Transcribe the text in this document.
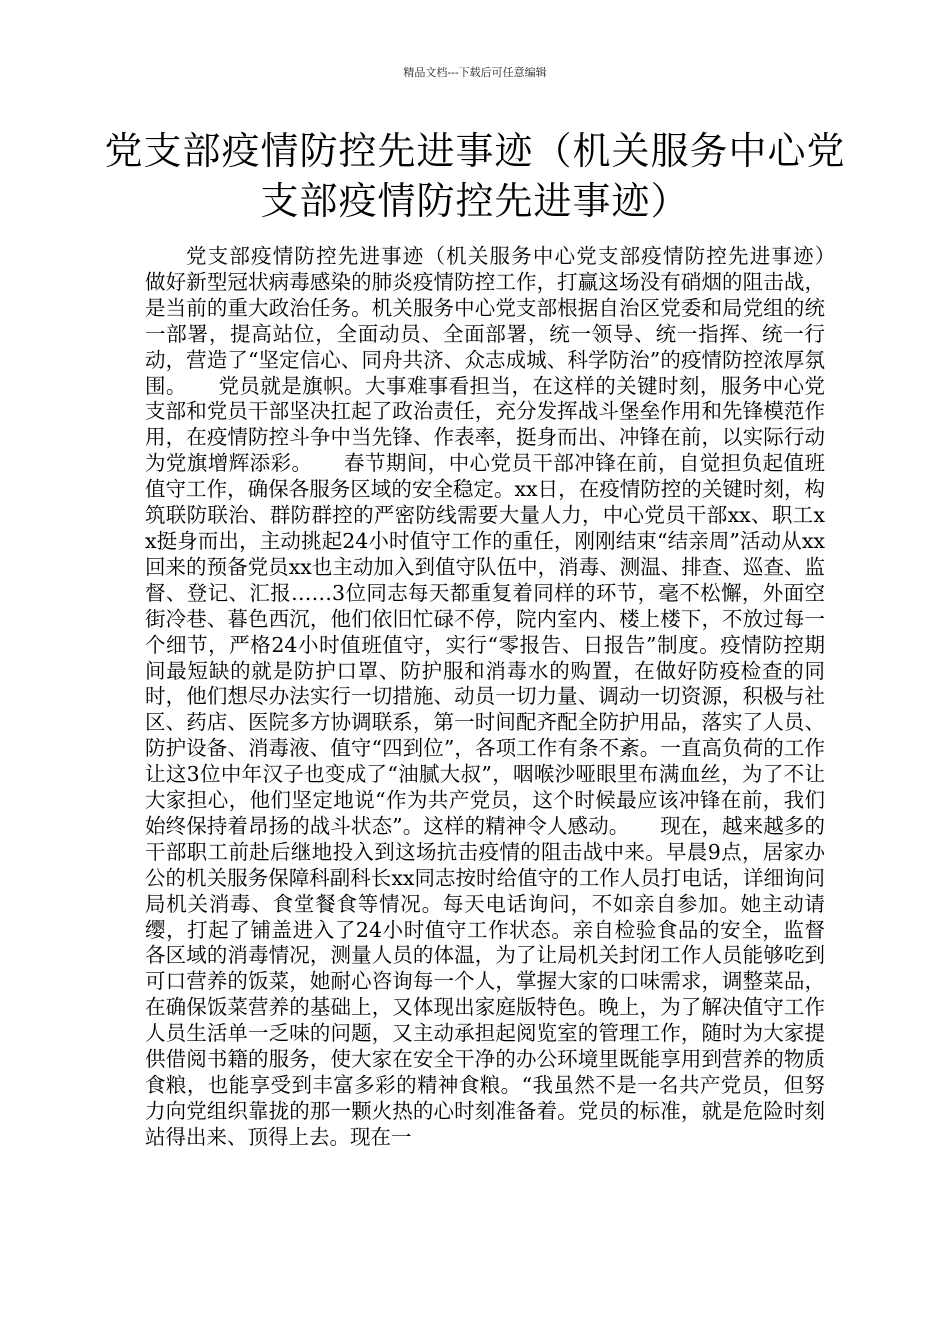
精品文档---下载后可任意编辑
党支部疫情防控先进事迹（机关服务中心党支部疫情防控先进事迹）

党支部疫情防控先进事迹（机关服务中心党支部疫情防控先进事迹）　　做好新型冠状病毒感染的肺炎疫情防控工作，打赢这场没有硝烟的阻击战，是当前的重大政治任务。机关服务中心党支部根据自治区党委和局党组的统一部署，提高站位，全面动员、全面部署，统一领导、统一指挥、统一行动，营造了“坚定信心、同舟共济、众志成城、科学防治”的疫情防控浓厚氛围。　　党员就是旗帜。大事难事看担当，在这样的关键时刻，服务中心党支部和党员干部坚决扛起了政治责任，充分发挥战斗堡垒作用和先锋模范作用，在疫情防控斗争中当先锋、作表率，挺身而出、冲锋在前，以实际行动为党旗增辉添彩。　　春节期间，中心党员干部冲锋在前，自觉担负起值班值守工作，确保各服务区域的安全稳定。xx日，在疫情防控的关键时刻，构筑联防联治、群防群控的严密防线需要大量人力，中心党员干部xx、职工xx挺身而出，主动挑起24小时值守工作的重任，刚刚结束“结亲周”活动从xx回来的预备党员xx也主动加入到值守队伍中，消毒、测温、排查、巡查、监督、登记、汇报……3位同志每天都重复着同样的环节，毫不松懈，外面空街冷巷、暮色西沉，他们依旧忙碌不停，院内室内、楼上楼下，不放过每一个细节，严格24小时值班值守，实行“零报告、日报告”制度。疫情防控期间最短缺的就是防护口罩、防护服和消毒水的购置，在做好防疫检查的同时，他们想尽办法实行一切措施、动员一切力量、调动一切资源，积极与社区、药店、医院多方协调联系，第一时间配齐配全防护用品，落实了人员、防护设备、消毒液、值守“四到位”，各项工作有条不紊。一直高负荷的工作让这3位中年汉子也变成了“油腻大叔”，咽喉沙哑眼里布满血丝，为了不让大家担心，他们坚定地说“作为共产党员，这个时候最应该冲锋在前，我们始终保持着昂扬的战斗状态”。这样的精神令人感动。　　现在，越来越多的干部职工前赴后继地投入到这场抗击疫情的阻击战中来。早晨9点，居家办公的机关服务保障科副科长xx同志按时给值守的工作人员打电话，详细询问局机关消毒、食堂餐食等情况。每天电话询问，不如亲自参加。她主动请缨，打起了铺盖进入了24小时值守工作状态。亲自检验食品的安全，监督各区域的消毒情况，测量人员的体温，为了让局机关封闭工作人员能够吃到可口营养的饭菜，她耐心咨询每一个人，掌握大家的口味需求，调整菜品，在确保饭菜营养的基础上，又体现出家庭版特色。晚上，为了解决值守工作人员生活单一乏味的问题，又主动承担起阅览室的管理工作，随时为大家提供借阅书籍的服务，使大家在安全干净的办公环境里既能享用到营养的物质食粮，也能享受到丰富多彩的精神食粮。“我虽然不是一名共产党员，但努力向党组织靠拢的那一颗火热的心时刻准备着。党员的标准，就是危险时刻站得出来、顶得上去。现在一
